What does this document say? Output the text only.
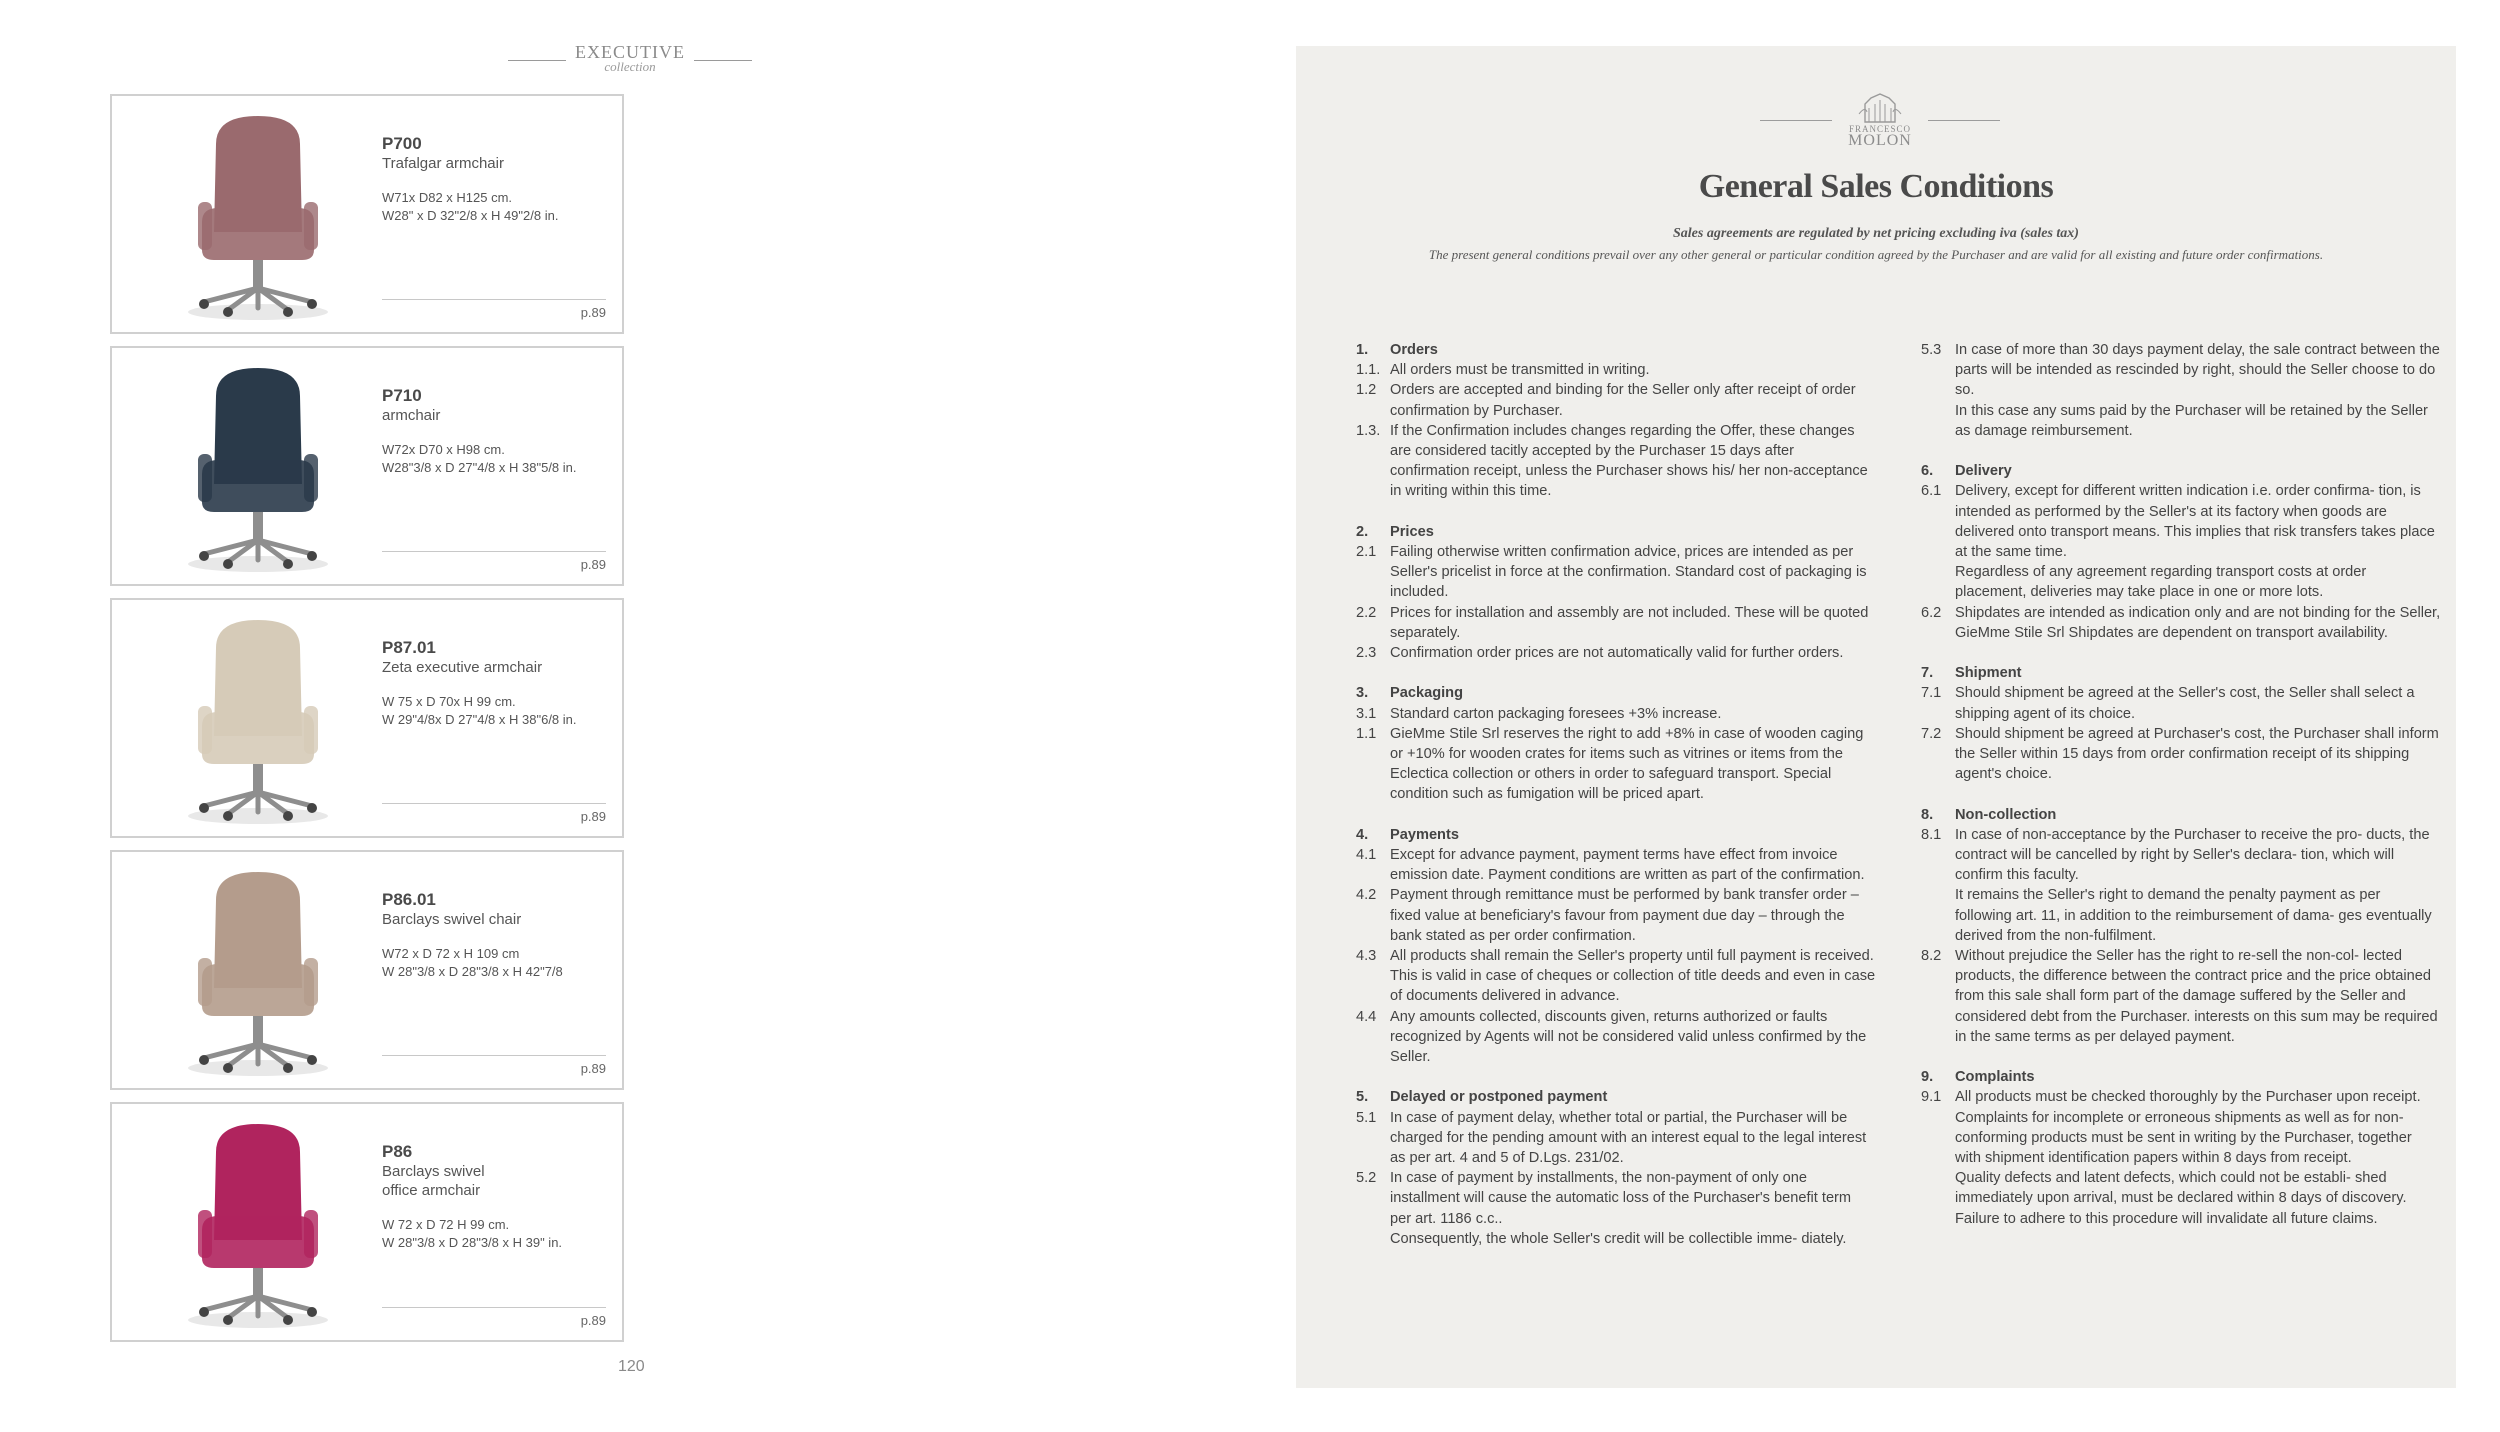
EXECUTIVE
collection
P700
Trafalgar armchair
W71x D82 x H125 cm.
W28" x D 32"2/8 x H 49"2/8 in.
p.89
P710
armchair
W72x D70 x H98 cm.
W28"3/8 x D 27"4/8 x H 38"5/8 in.
p.89
P87.01
Zeta executive armchair
W 75 x D 70x H 99 cm.
W 29"4/8x D 27"4/8 x H 38"6/8 in.
p.89
P86.01
Barclays swivel chair
W72 x D 72 x H 109 cm
W 28"3/8 x D 28"3/8 x H 42"7/8
p.89
P86
Barclays swivel
office armchair
W 72 x D 72 H 99 cm.
W 28"3/8 x D 28"3/8 x H 39" in.
p.89
120
FRANCESCO
MOLON
General Sales Conditions
Sales agreements are regulated by net pricing excluding iva (sales tax)
The present general conditions prevail over any other general or particular condition agreed by the Purchaser and are valid for all existing and future order confirmations.
1.	Orders
1.1. All orders must be transmitted in writing.
1.2 Orders are accepted and binding for the Seller only after receipt of order confirmation by Purchaser.
1.3. If the Confirmation includes changes regarding the Offer, these changes are considered tacitly accepted by the Purchaser 15 days after confirmation receipt, unless the Purchaser shows his/ her non-acceptance in writing within this time.
2.	Prices
2.1 Failing otherwise written confirmation advice, prices are intended as per Seller's pricelist in force at the confirmation. Standard cost of packaging is included.
2.2 Prices for installation and assembly are not included. These will be quoted separately.
2.3 Confirmation order prices are not automatically valid for further orders.
3.	Packaging
3.1 Standard carton packaging foresees +3% increase.
1.1 GieMme Stile Srl reserves the right to add +8% in case of wooden caging or +10% for wooden crates for items such as vitrines or items from the Eclectica collection or others in order to safeguard transport. Special condition such as fumigation will be priced apart.
4.	Payments
4.1 Except for advance payment, payment terms have effect from invoice emission date. Payment conditions are written as part of the confirmation.
4.2 Payment through remittance must be performed by bank transfer order – fixed value at beneficiary's favour from payment due day – through the bank stated as per order confirmation.
4.3 All products shall remain the Seller's property until full payment is received. This is valid in case of cheques or collection of title deeds and even in case of documents delivered in advance.
4.4 Any amounts collected, discounts given, returns authorized or faults recognized by Agents will not be considered valid unless confirmed by the Seller.
5.	Delayed or postponed payment
5.1 In case of payment delay, whether total or partial, the Purchaser will be charged for the pending amount with an interest equal to the legal interest as per art. 4 and 5 of D.Lgs. 231/02.
5.2 In case of payment by installments, the non-payment of only one installment will cause the automatic loss of the Purchaser's benefit term per art. 1186 c.c..
Consequently, the whole Seller's credit will be collectible imme- diately.
5.3 In case of more than 30 days payment delay, the sale contract between the parts will be intended as rescinded by right, should the Seller choose to do so.
In this case any sums paid by the Purchaser will be retained by the Seller as damage reimbursement.
6.	Delivery
6.1 Delivery, except for different written indication i.e. order confirma- tion, is intended as performed by the Seller's at its factory when goods are delivered onto transport means. This implies that risk transfers takes place at the same time.
Regardless of any agreement regarding transport costs at order placement, deliveries may take place in one or more lots.
6.2 Shipdates are intended as indication only and are not binding for the Seller, GieMme Stile Srl Shipdates are dependent on transport availability.
7.	Shipment
7.1 Should shipment be agreed at the Seller's cost, the Seller shall select a shipping agent of its choice.
7.2 Should shipment be agreed at Purchaser's cost, the Purchaser shall inform the Seller within 15 days from order confirmation receipt of its shipping agent's choice.
8.	Non-collection
8.1 In case of non-acceptance by the Purchaser to receive the pro- ducts, the contract will be cancelled by right by Seller's declara- tion, which will confirm this faculty.
It remains the Seller's right to demand the penalty payment as per following art. 11, in addition to the reimbursement of dama- ges eventually derived from the non-fulfilment.
8.2 Without prejudice the Seller has the right to re-sell the non-col- lected products, the difference between the contract price and the price obtained from this sale shall form part of the damage suffered by the Seller and considered debt from the Purchaser. interests on this sum may be required in the same terms as per delayed payment.
9.	Complaints
9.1 All products must be checked thoroughly by the Purchaser upon receipt. Complaints for incomplete or erroneous shipments as well as for non-conforming products must be sent in writing by the Purchaser, together with shipment identification papers within 8 days from receipt.
Quality defects and latent defects, which could not be establi- shed immediately upon arrival, must be declared within 8 days of discovery. Failure to adhere to this procedure will invalidate all future claims.
